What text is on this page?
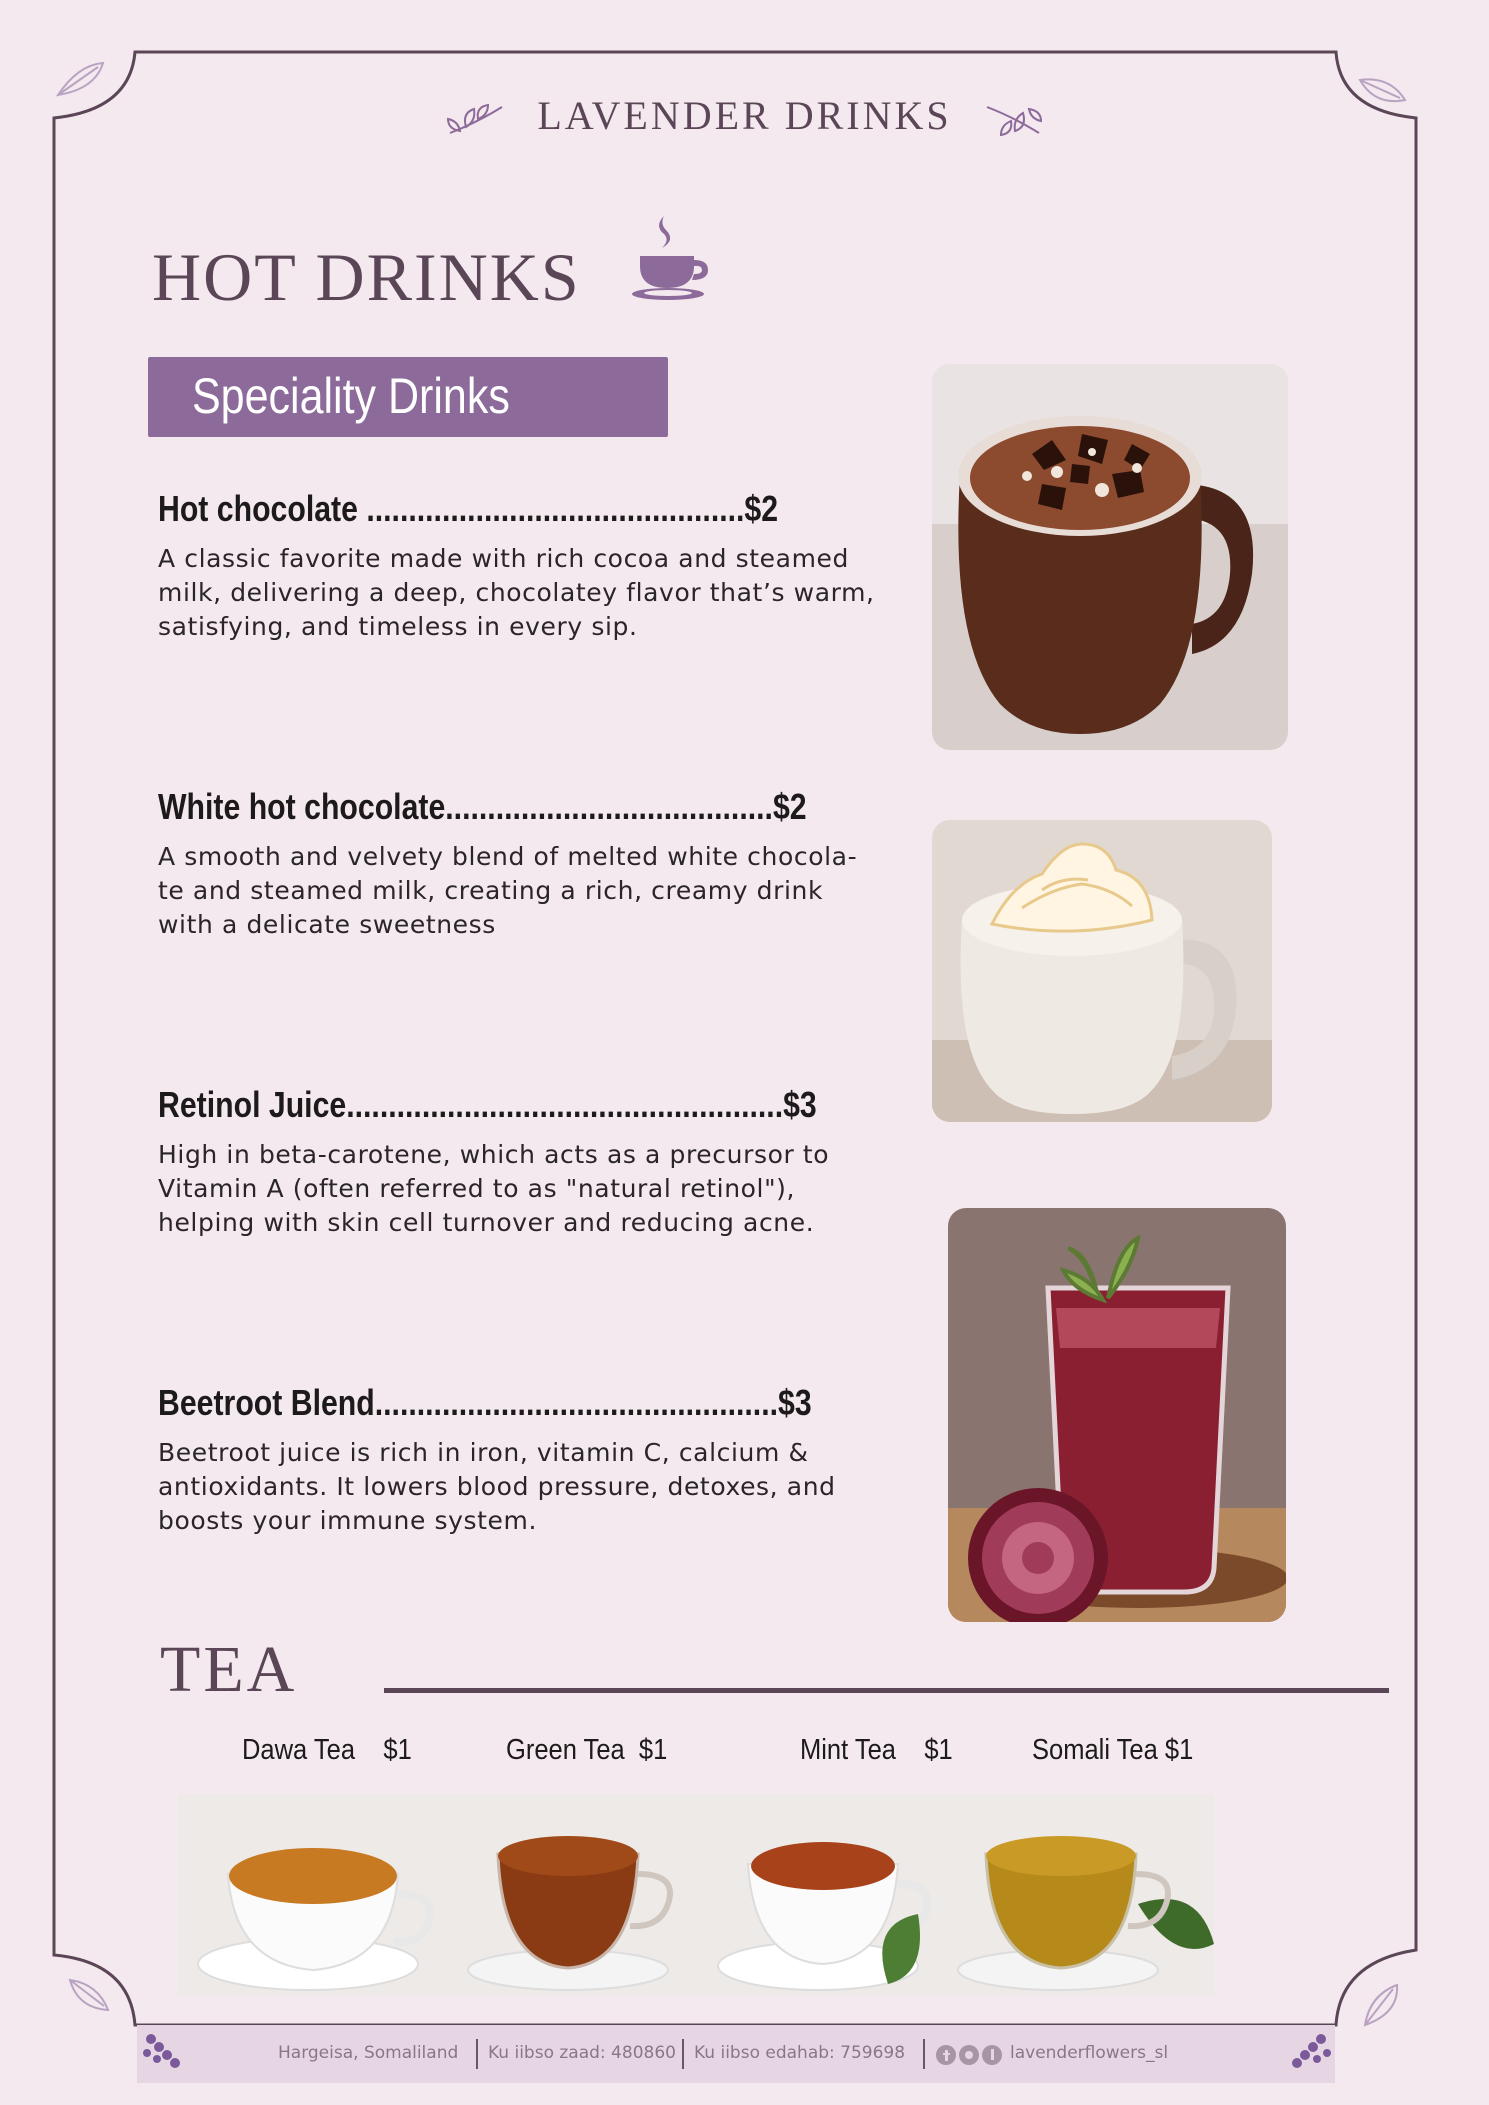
LAVENDER DRINKS
HOT DRINKS
Speciality Drinks
Hot chocolate .............................................$2
A classic favorite made with rich cocoa and steamed milk, delivering a deep, chocolatey flavor that’s warm, satisfying, and timeless in every sip.
White hot chocolate.......................................$2
A smooth and velvety blend of melted white chocola-te and steamed milk, creating a rich, creamy drink with a delicate sweetness
Retinol Juice....................................................$3
High in beta-carotene, which acts as a precursor to Vitamin A (often referred to as "natural retinol"), helping with skin cell turnover and reducing acne.
Beetroot Blend................................................$3
Beetroot juice is rich in iron, vitamin C, calcium & antioxidants. It lowers blood pressure, detoxes, and boosts your immune system.
TEA
Dawa Tea $1	Green Tea $1	Mint Tea $1	Somali Tea $1
Hargeisa, Somaliland Ku iibso zaad: 480860 Ku iibso edahab: 759698	lavenderflowers_sl
